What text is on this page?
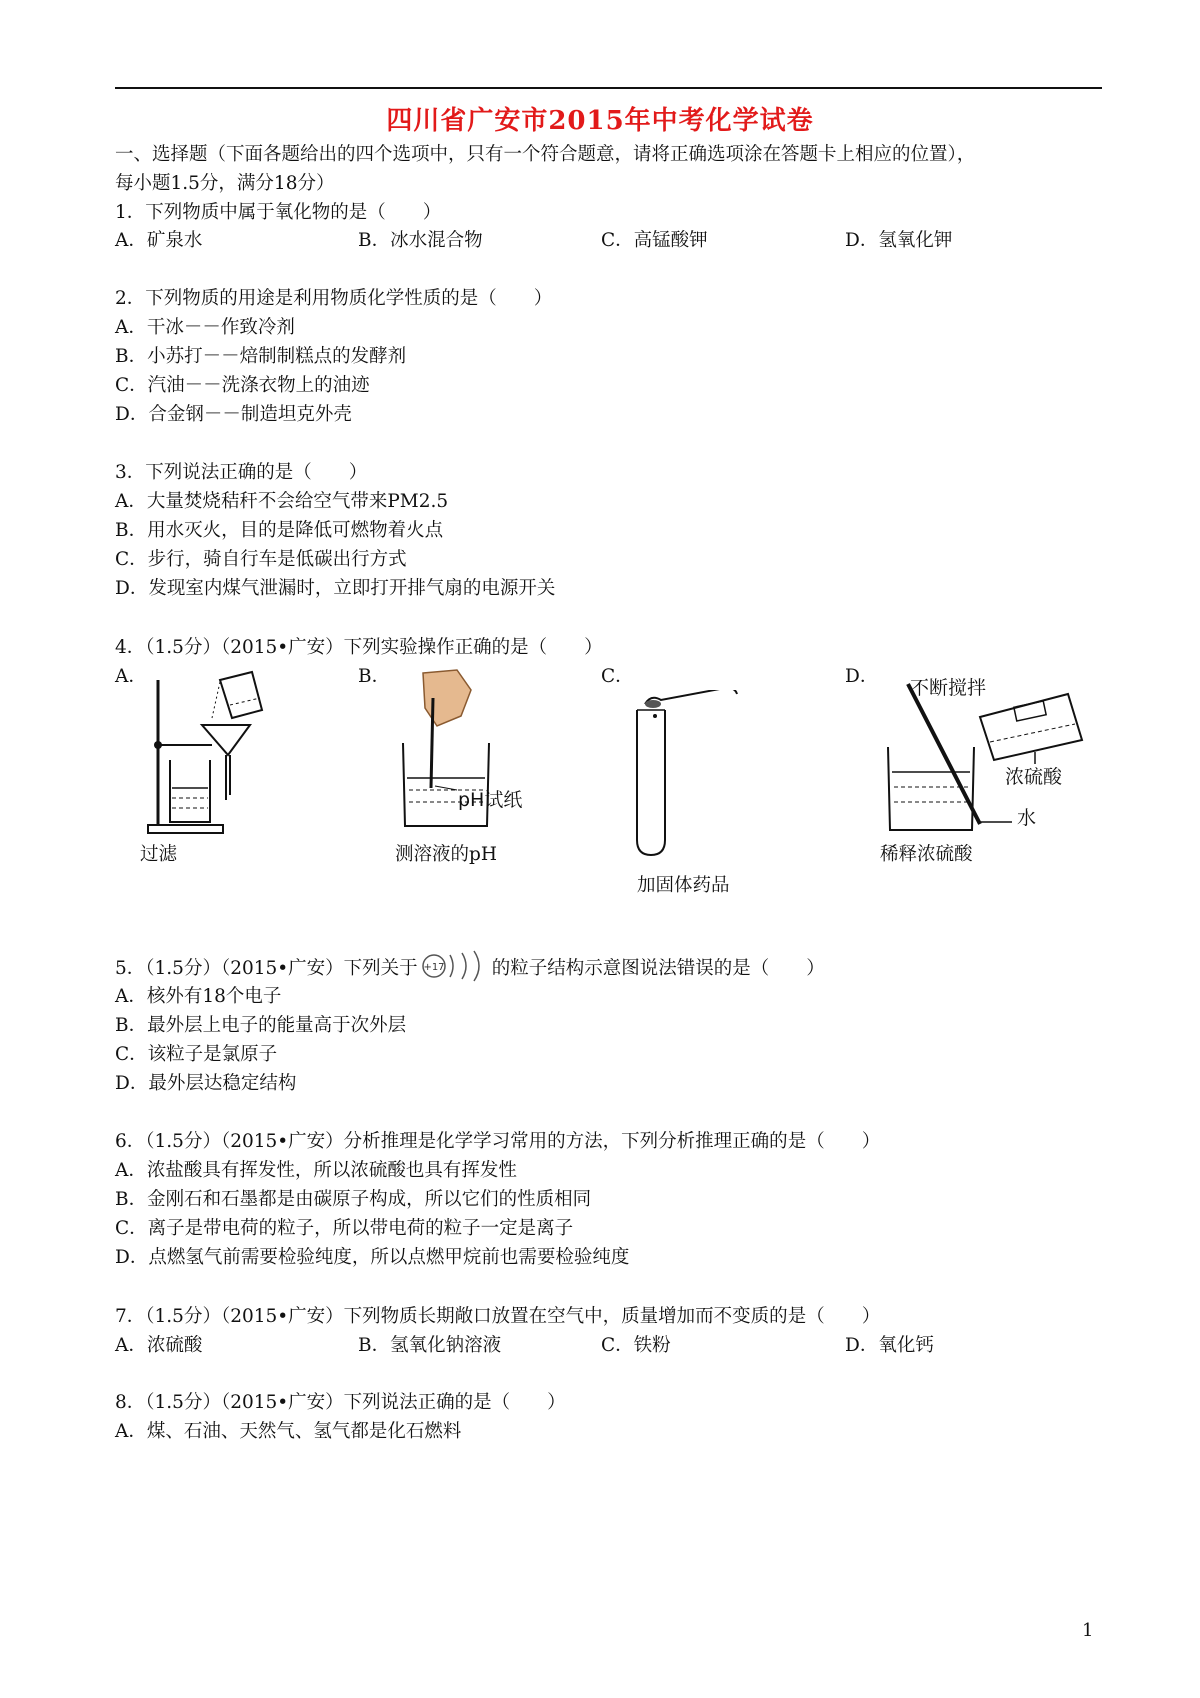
四川省广安市2015年中考化学试卷
一、选择题（下面各题给出的四个选项中，只有一个符合题意，请将正确选项涂在答题卡上相应的位置），
每小题1.5分，满分18分）
1．下列物质中属于氧化物的是（　　）
A．矿泉水	B．冰水混合物	C．高锰酸钾	D．氢氧化钾
2．下列物质的用途是利用物质化学性质的是（　　）
A．干冰－－作致冷剂
B．小苏打－－焙制制糕点的发酵剂
C．汽油－－洗涤衣物上的油迹
D．合金钢－－制造坦克外壳
3．下列说法正确的是（　　）
A．大量焚烧秸秆不会给空气带来PM2.5
B．用水灭火，目的是降低可燃物着火点
C．步行，骑自行车是低碳出行方式
D．发现室内煤气泄漏时，立即打开排气扇的电源开关
4．（1.5分）（2015•广安）下列实验操作正确的是（　　）
A．	B．	C．	D．
pH试纸
不断搅拌
浓硫酸
水
过滤	测溶液的pH
加固体药品
稀释浓硫酸
5．（1.5分）（2015•广安）下列关于 +17	的粒子结构示意图说法错误的是（　　）
A．核外有18个电子
B．最外层上电子的能量高于次外层
C．该粒子是氯原子
D．最外层达稳定结构
6．（1.5分）（2015•广安）分析推理是化学学习常用的方法，下列分析推理正确的是（　　）
A．浓盐酸具有挥发性，所以浓硫酸也具有挥发性
B．金刚石和石墨都是由碳原子构成，所以它们的性质相同
C．离子是带电荷的粒子，所以带电荷的粒子一定是离子
D．点燃氢气前需要检验纯度，所以点燃甲烷前也需要检验纯度
7．（1.5分）（2015•广安）下列物质长期敞口放置在空气中，质量增加而不变质的是（　　）
A．浓硫酸	B．氢氧化钠溶液	C．铁粉	D．氧化钙
8．（1.5分）（2015•广安）下列说法正确的是（　　）
A．煤、石油、天然气、氢气都是化石燃料
1
